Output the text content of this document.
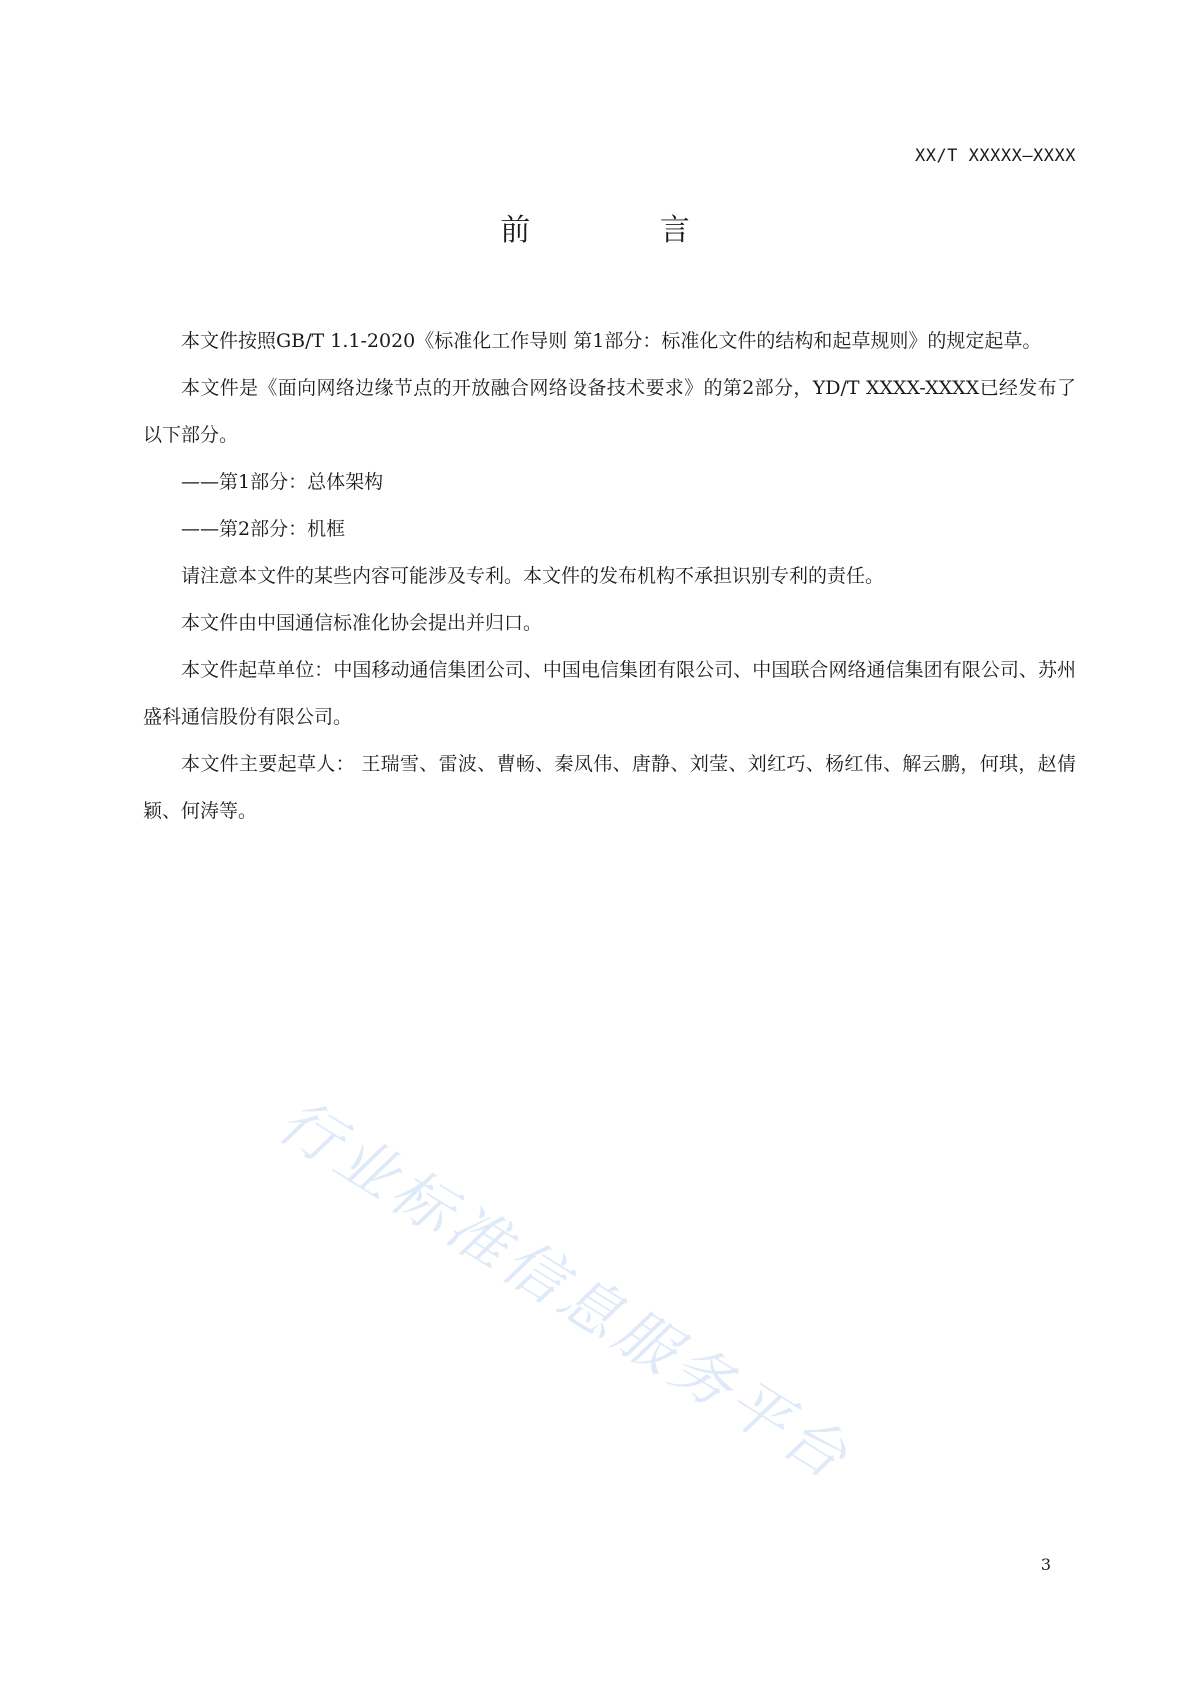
XX/T XXXXX—XXXX
前 言

本文件按照GB/T 1.1-2020《标准化工作导则 第1部分：标准化文件的结构和起草规则》的规定起草。

本文件是《面向网络边缘节点的开放融合网络设备技术要求》的第2部分，YD/T XXXX-XXXX已经发布了以下部分。

——第1部分：总体架构

——第2部分：机框

请注意本文件的某些内容可能涉及专利。本文件的发布机构不承担识别专利的责任。

本文件由中国通信标准化协会提出并归口。

本文件起草单位：中国移动通信集团公司、中国电信集团有限公司、中国联合网络通信集团有限公司、苏州盛科通信股份有限公司。

本文件主要起草人： 王瑞雪、雷波、曹畅、秦凤伟、唐静、刘莹、刘红巧、杨红伟、解云鹏，何琪，赵倩颖、何涛等。

行业标准信息服务平台
3
